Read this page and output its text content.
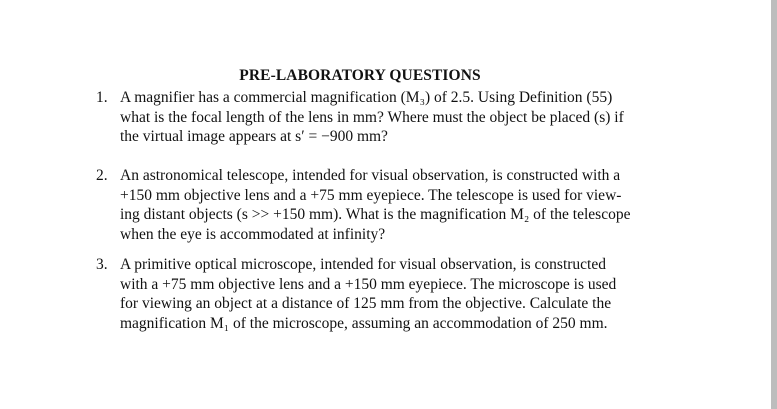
PRE-LABORATORY QUESTIONS
1. A magnifier has a commercial magnification (M₃) of 2.5. Using Definition (55)
what is the focal length of the lens in mm? Where must the object be placed (s) if
the virtual image appears at s′ = −900 mm?
2. An astronomical telescope, intended for visual observation, is constructed with a
+150 mm objective lens and a +75 mm eyepiece. The telescope is used for view-
ing distant objects (s >> +150 mm). What is the magnification M₂ of the telescope
when the eye is accommodated at infinity?
3. A primitive optical microscope, intended for visual observation, is constructed
with a +75 mm objective lens and a +150 mm eyepiece. The microscope is used
for viewing an object at a distance of 125 mm from the objective. Calculate the
magnification M₁ of the microscope, assuming an accommodation of 250 mm.
